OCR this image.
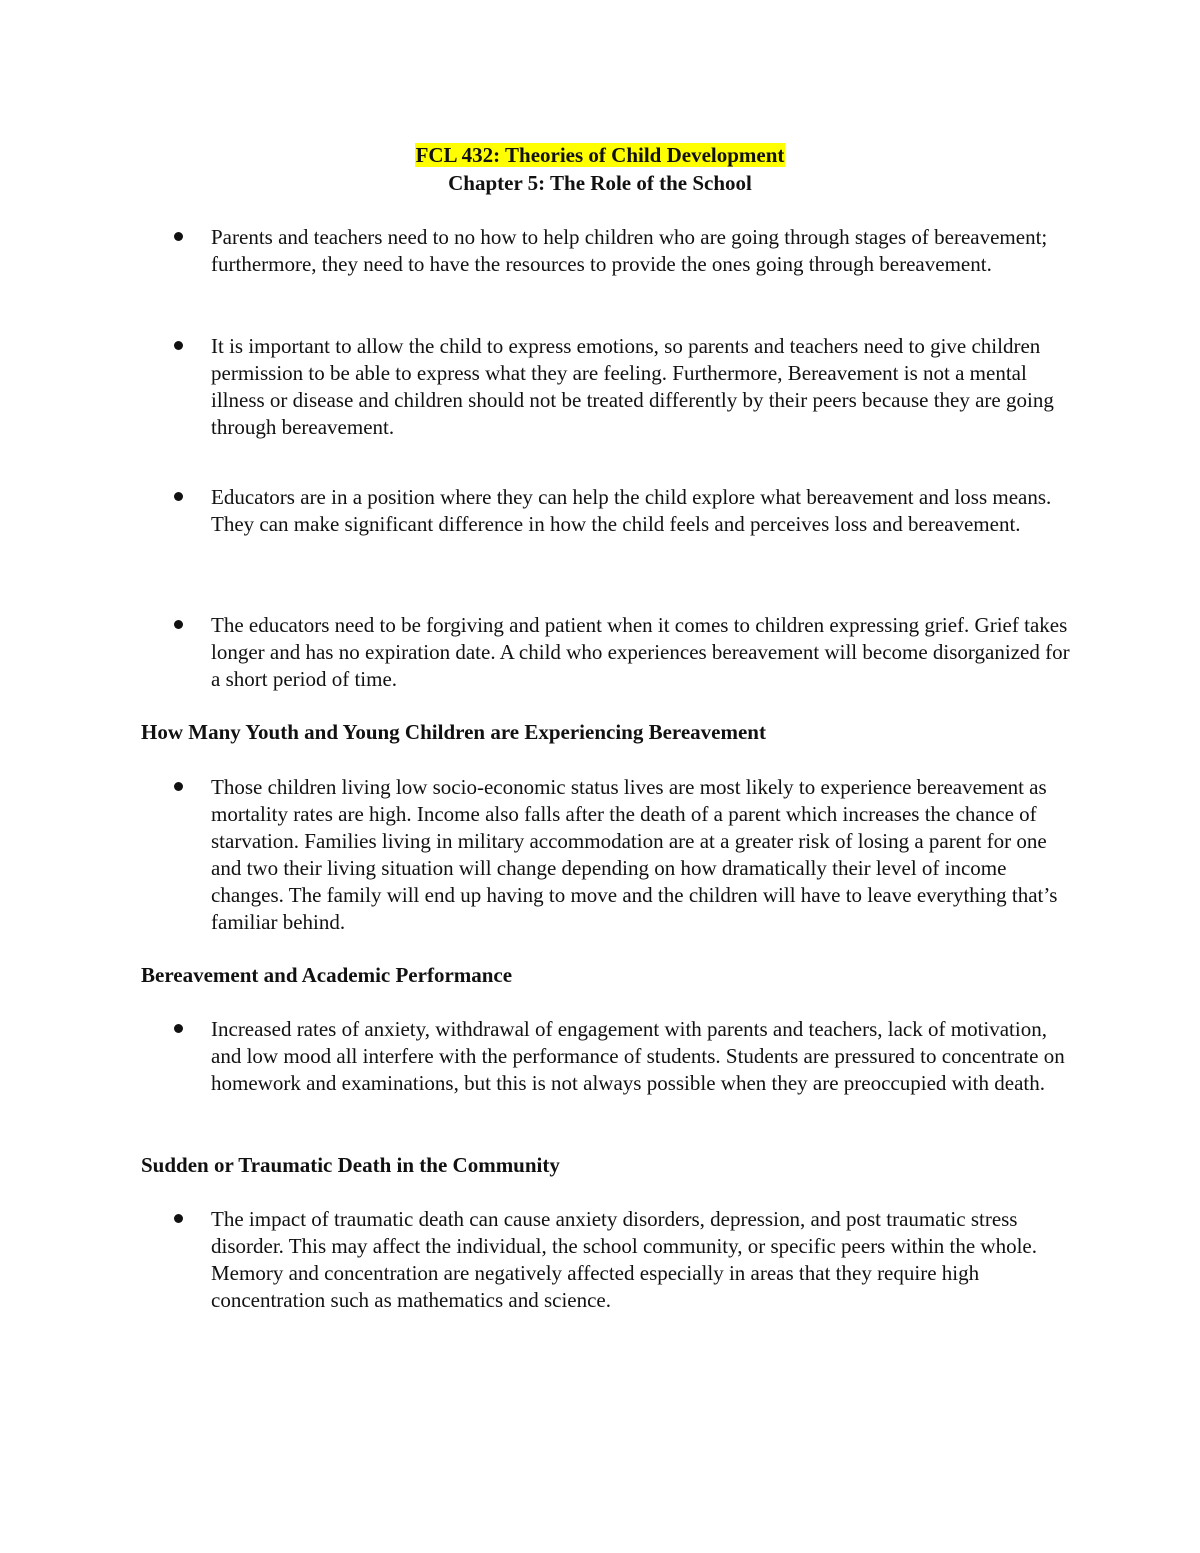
FCL 432: Theories of Child Development
Chapter 5: The Role of the School
Parents and teachers need to no how to help children who are going through stages of bereavement; furthermore, they need to have the resources to provide the ones going through bereavement.
It is important to allow the child to express emotions, so parents and teachers need to give children permission to be able to express what they are feeling. Furthermore, Bereavement is not a mental illness or disease and children should not be treated differently by their peers because they are going through bereavement.
Educators are in a position where they can help the child explore what bereavement and loss means. They can make significant difference in how the child feels and perceives loss and bereavement.
The educators need to be forgiving and patient when it comes to children expressing grief. Grief takes longer and has no expiration date. A child who experiences bereavement will become disorganized for a short period of time.
How Many Youth and Young Children are Experiencing Bereavement
Those children living low socio-economic status lives are most likely to experience bereavement as mortality rates are high. Income also falls after the death of a parent which increases the chance of starvation. Families living in military accommodation are at a greater risk of losing a parent for one and two their living situation will change depending on how dramatically their level of income changes. The family will end up having to move and the children will have to leave everything that’s familiar behind.
Bereavement and Academic Performance
Increased rates of anxiety, withdrawal of engagement with parents and teachers, lack of motivation, and low mood all interfere with the performance of students. Students are pressured to concentrate on homework and examinations, but this is not always possible when they are preoccupied with death.
Sudden or Traumatic Death in the Community
The impact of traumatic death can cause anxiety disorders, depression, and post traumatic stress disorder. This may affect the individual, the school community, or specific peers within the whole. Memory and concentration are negatively affected especially in areas that they require high concentration such as mathematics and science.
